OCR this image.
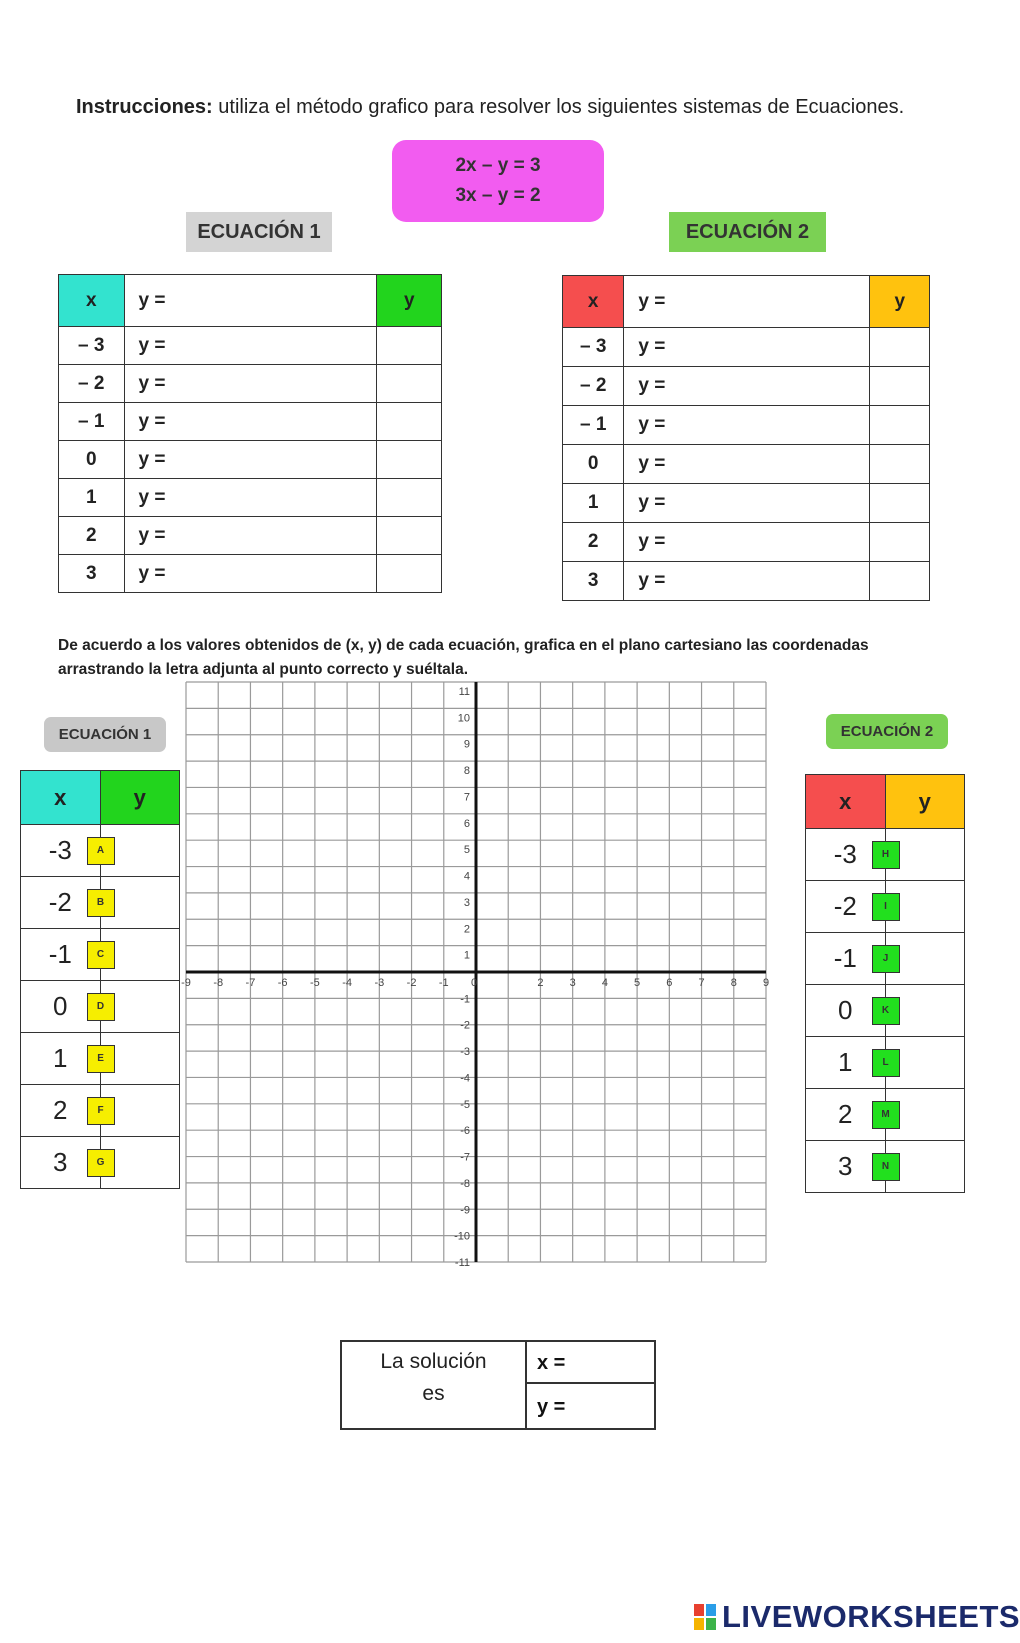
Instrucciones: utiliza el método grafico para resolver los siguientes sistemas de Ecuaciones.
2x – y = 3
3x – y = 2
ECUACIÓN 1	ECUACIÓN 2
x	y =	y
– 3	y =	
– 2	y =	
– 1	y =	
0	y =	
1	y =	
2	y =	
3	y =	
x	y =	y
– 3	y =	
– 2	y =	
– 1	y =	
0	y =	
1	y =	
2	y =	
3	y =	
De acuerdo a los valores obtenidos de (x, y) de cada ecuación, grafica en el plano cartesiano las coordenadas arrastrando la letra adjunta al punto correcto y suéltala.
ECUACIÓN 1	ECUACIÓN 2
x	y
-3	A

-2	B

-1	C

0	D

1	E

2	F

3	G
x	y
-3	H

-2	I

-1	J

0	K

1	L

2	M

3	N
-9 -8 -7 -6 -5 -4 -3 -2 -1 0	2 3 4 5 6 7 8 9
11
10
9
8
7
6
5
4
3
2
1
-1
-2
-3
-4
-5
-6
-7
-8
-9
-10
-11
La solución
es
x =
y =
LIVEWORKSHEETS
